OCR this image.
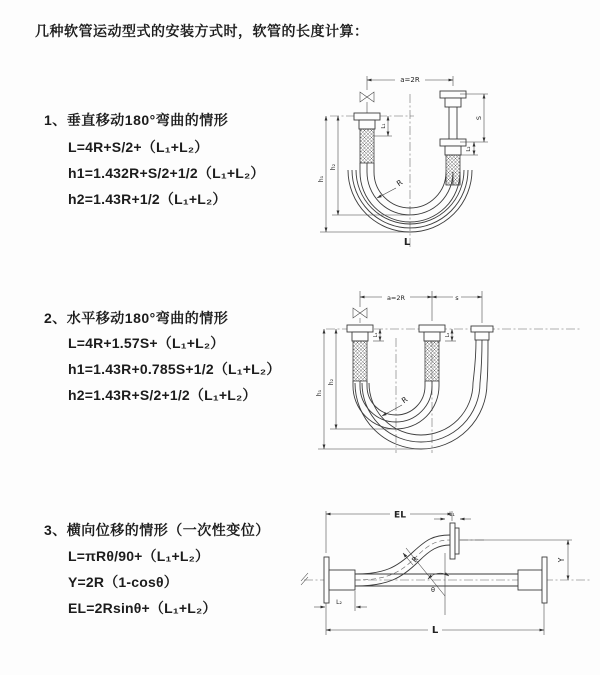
几种软管运动型式的安装方式时，软管的长度计算：
1、垂直移动180°弯曲的情形
L=4R+S/2+（L₁+L₂）
h1=1.432R+S/2+1/2（L₁+L₂）
h2=1.43R+1/2（L₁+L₂）
2、水平移动180°弯曲的情形
L=4R+1.57S+（L₁+L₂）
h1=1.43R+0.785S+1/2（L₁+L₂）
h2=1.43R+S/2+1/2（L₁+L₂）
3、横向位移的情形（一次性变位）
L=πRθ/90+（L₁+L₂）
Y=2R（1-cosθ）
EL=2Rsinθ+（L₁+L₂）
a=2R
h₁
h₂
L₁
S
L₂
R
L
a=2R	s
h₁
h₂
L₁	L₂
R
EL	L₁
Y
L
L₂
R
θ
